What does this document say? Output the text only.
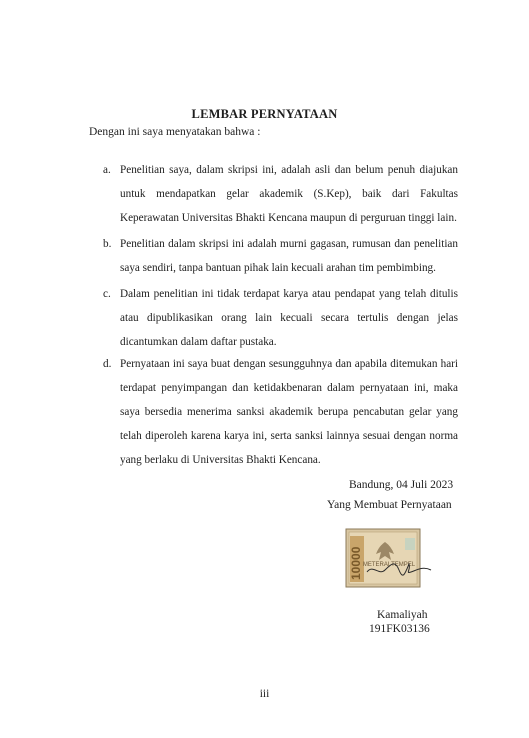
LEMBAR PERNYATAAN
Dengan ini saya menyatakan bahwa :
a. Penelitian saya, dalam skripsi ini, adalah asli dan belum penuh diajukan
untuk mendapatkan gelar akademik (S.Kep), baik dari Fakultas
Keperawatan Universitas Bhakti Kencana maupun di perguruan tinggi lain.
b. Penelitian dalam skripsi ini adalah murni gagasan, rumusan dan penelitian
saya sendiri, tanpa bantuan pihak lain kecuali arahan tim pembimbing.
c. Dalam penelitian ini tidak terdapat karya atau pendapat yang telah ditulis
atau dipublikasikan orang lain kecuali secara tertulis dengan jelas
dicantumkan dalam daftar pustaka.
d. Pernyataan ini saya buat dengan sesungguhnya dan apabila ditemukan hari
terdapat penyimpangan dan ketidakbenaran dalam pernyataan ini, maka
saya bersedia menerima sanksi akademik berupa pencabutan gelar yang
telah diperoleh karena karya ini, serta sanksi lainnya sesuai dengan norma
yang berlaku di Universitas Bhakti Kencana.
Bandung, 04 Juli 2023
Yang Membuat Pernyataan
10000 METERAI TEMPEL
Kamaliyah
191FK03136
iii
